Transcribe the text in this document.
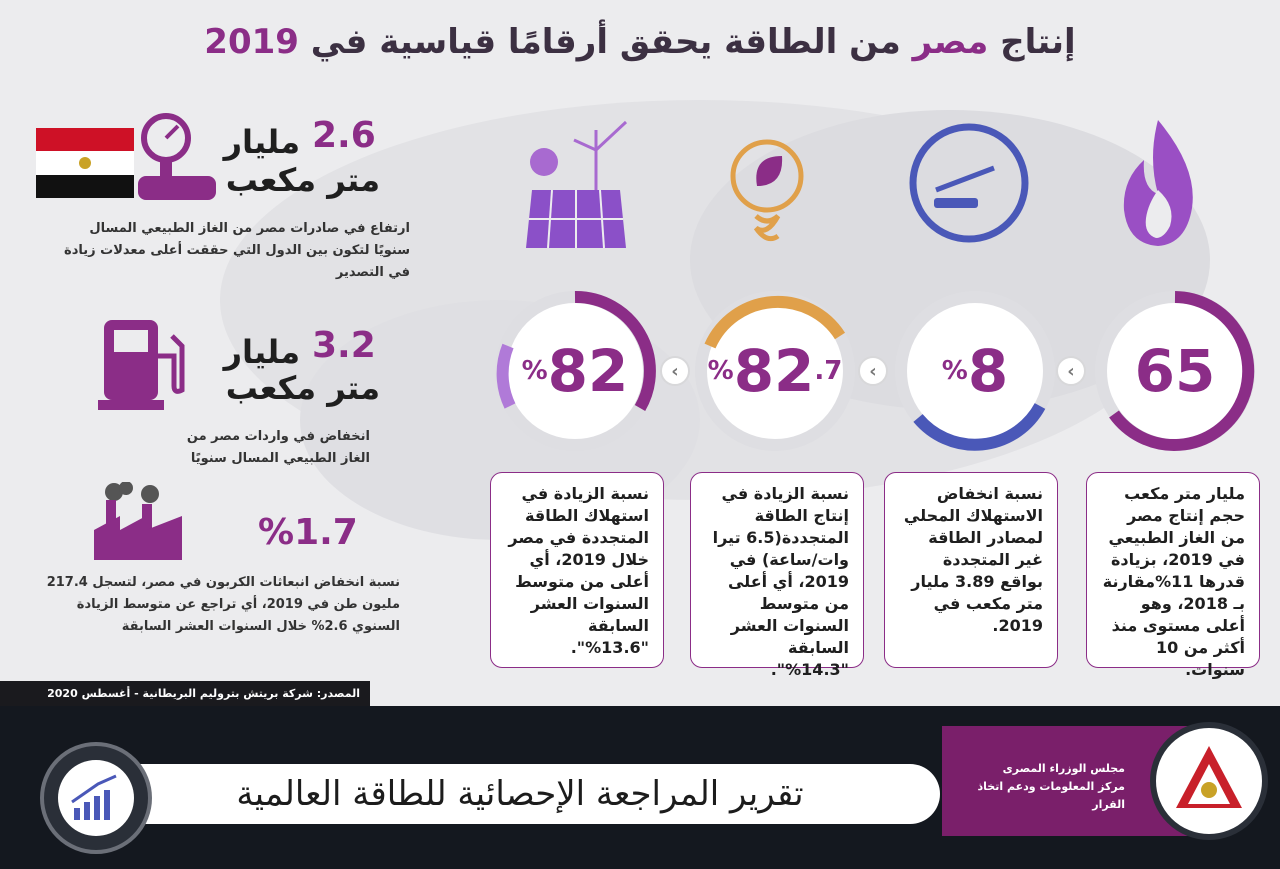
إنتاج مصر من الطاقة يحقق أرقامًا قياسية في 2019
2.6
مليار
متر مكعب
ارتفاع في صادرات مصر من الغاز الطبيعي المسال سنويًا لتكون بين الدول التي حققت أعلى معدلات زيادة في التصدير
3.2
مليار
متر مكعب
انخفاض في واردات مصر من الغاز الطبيعي المسال سنويًا
%1.7
نسبة انخفاض انبعاثات الكربون في مصر، لتسجل 217.4 مليون طن في 2019، أي تراجع عن متوسط الزيادة السنوي 2.6% خلال السنوات العشر السابقة
65
% 8
% 82 .7
% 82	‹
‹
‹
مليار متر مكعب حجم إنتاج مصر من الغاز الطبيعي في 2019، بزيادة قدرها 11%مقارنة بـ 2018، وهو أعلى مستوى منذ أكثر من 10 سنوات.
نسبة انخفاض الاستهلاك المحلي لمصادر الطاقة غير المتجددة بواقع 3.89 مليار متر مكعب في 2019.
نسبة الزيادة في إنتاج الطاقة المتجددة(6.5 تيرا وات/ساعة) في 2019، أي أعلى من متوسط السنوات العشر السابقة "14.3%".
نسبة الزيادة في استهلاك الطاقة المتجددة في مصر خلال 2019، أي أعلى من متوسط السنوات العشر السابقة "13.6%".
المصدر: شركة بريتش بتروليم البريطانية - أغسطس 2020
تقرير المراجعة الإحصائية للطاقة العالمية
مجلس الوزراء المصرى
مركز المعلومات ودعم اتخاذ القرار
